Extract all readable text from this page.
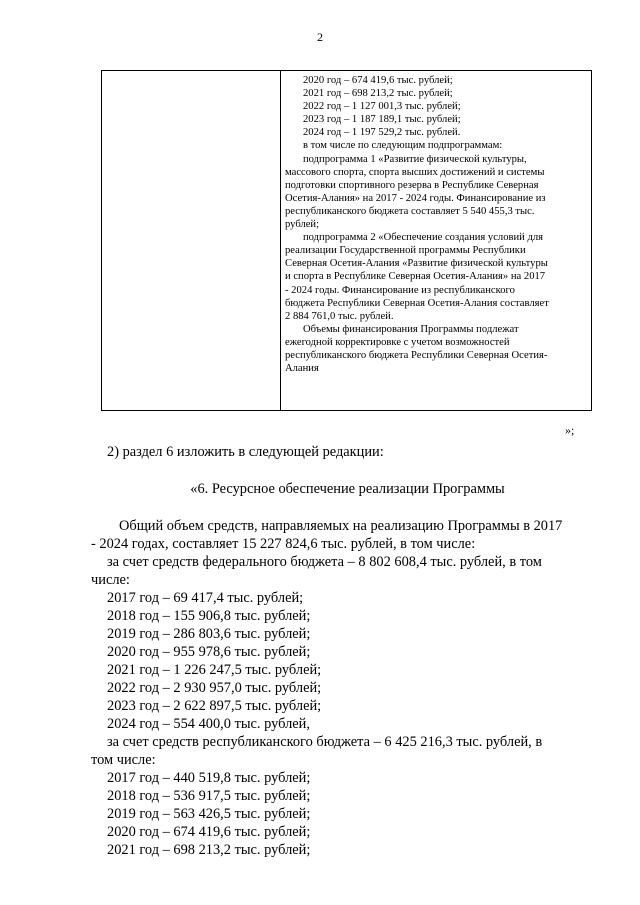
2
2020 год – 674 419,6 тыс. рублей;
2021 год – 698 213,2 тыс. рублей;
2022 год – 1 127 001,3 тыс. рублей;
2023 год – 1 187 189,1 тыс. рублей;
2024 год – 1 197 529,2 тыс. рублей.
в том числе по следующим подпрограммам:
подпрограмма 1 «Развитие физической культуры,
массового спорта, спорта высших достижений и системы
подготовки спортивного резерва в Республике Северная
Осетия-Алания» на 2017 - 2024 годы. Финансирование из
республиканского бюджета составляет 5 540 455,3 тыс.
рублей;
подпрограмма 2 «Обеспечение создания условий для
реализации Государственной программы Республики
Северная Осетия-Алания «Развитие физической культуры
и спорта в Республике Северная Осетия-Алания» на 2017
- 2024 годы. Финансирование из республиканского
бюджета Республики Северная Осетия-Алания составляет
2 884 761,0 тыс. рублей.
Объемы финансирования Программы подлежат
ежегодной корректировке с учетом возможностей
республиканского бюджета Республики Северная Осетия-
Алания
»;
2) раздел 6 изложить в следующей редакции:
«6. Ресурсное обеспечение реализации Программы
Общий объем средств, направляемых на реализацию Программы в 2017
- 2024 годах, составляет 15 227 824,6 тыс. рублей, в том числе:
за счет средств федерального бюджета – 8 802 608,4 тыс. рублей, в том
числе:
2017 год – 69 417,4 тыс. рублей;
2018 год – 155 906,8 тыс. рублей;
2019 год – 286 803,6 тыс. рублей;
2020 год – 955 978,6 тыс. рублей;
2021 год – 1 226 247,5 тыс. рублей;
2022 год – 2 930 957,0 тыс. рублей;
2023 год – 2 622 897,5 тыс. рублей;
2024 год – 554 400,0 тыс. рублей,
за счет средств республиканского бюджета – 6 425 216,3 тыс. рублей, в
том числе:
2017 год – 440 519,8 тыс. рублей;
2018 год – 536 917,5 тыс. рублей;
2019 год – 563 426,5 тыс. рублей;
2020 год – 674 419,6 тыс. рублей;
2021 год – 698 213,2 тыс. рублей;
